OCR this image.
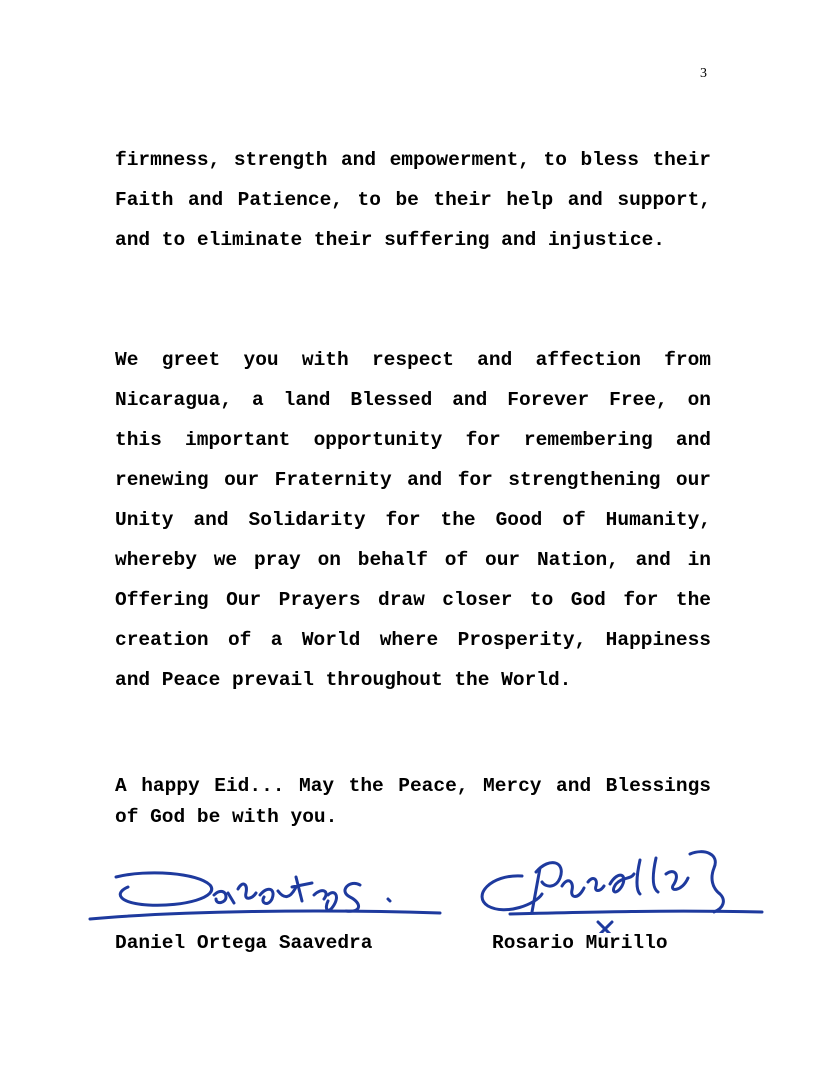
3

firmness, strength and empowerment, to bless their Faith and Patience, to be their help and support, and to eliminate their suffering and injustice.

We greet you with respect and affection from Nicaragua, a land Blessed and Forever Free, on this important opportunity for remembering and renewing our Fraternity and for strengthening our Unity and Solidarity for the Good of Humanity, whereby we pray on behalf of our Nation, and in Offering Our Prayers draw closer to God for the creation of a World where Prosperity, Happiness and Peace prevail throughout the World.

A happy Eid... May the Peace, Mercy and Blessings of God be with you.

Daniel Ortega Saavedra	Rosario Murillo
